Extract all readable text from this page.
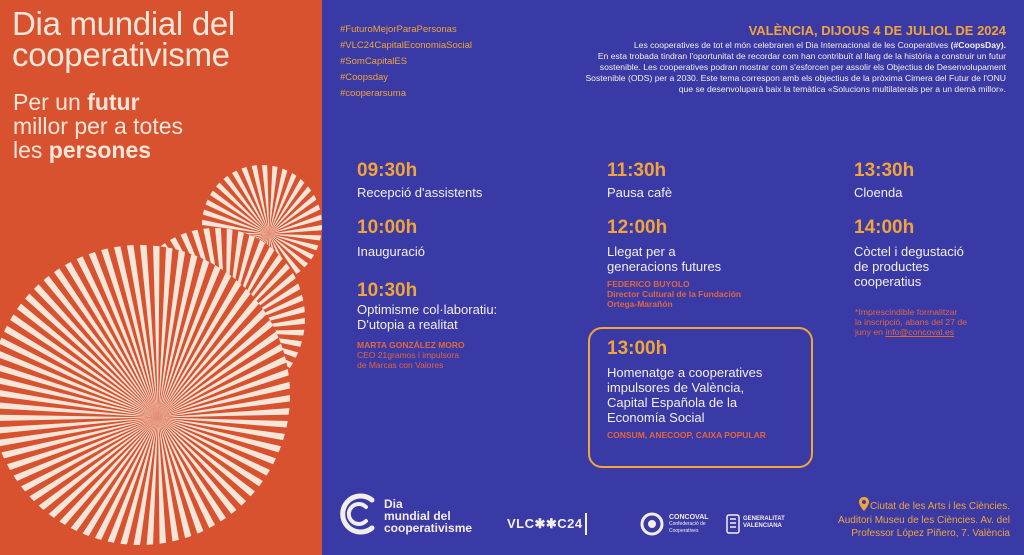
Dia mundial del
cooperativisme
Per un futur
millor per a totes
les persones
#FuturoMejorParaPersonas
#VLC24CapitalEconomiaSocial
#SomCapitalES
#Coopsday
#cooperarsuma
VALÈNCIA, DIJOUS 4 DE JULIOL DE 2024
Les cooperatives de tot el món celebraren el Dia Internacional de les Cooperatives (#CoopsDay).
En esta trobada tindran l'oportunitat de recordar com han contribuït al llarg de la història a construir un futur
sostenible. Les cooperatives podran mostrar com s'esforcen per assolir els Objectius de Desenvolupament
Sostenible (ODS) per a 2030. Este tema correspon amb els objectius de la pròxima Cimera del Futur de l'ONU
que se desenvoluparà baix la temàtica «Solucions multilaterals per a un demà millor».
09:30h
Recepció d'assistents
10:00h
Inauguració
10:30h
Optimisme col·laboratiu:
D'utopia a realitat
MARTA GONZÁLEZ MORO
CEO 21gramos i impulsora
de Marcas con Valores
11:30h
Pausa cafè
12:00h
Llegat per a
generacions futures
FEDERICO BUYOLO
Director Cultural de la Fundación
Ortega-Marañón
13:00h
Homenatge a cooperatives
impulsores de València,
Capital Española de la
Economía Social
CONSUM, ANECOOP, CAIXA POPULAR
13:30h
Cloenda
14:00h
Còctel i degustació
de productes
cooperatius
*Imprescindible formalitzar
la inscripció, abans del 27 de
juny en info@concoval.es
Dia
mundial del
cooperativisme	VLC✱✱C24	CONCOVAL
Confederació de Cooperatives
GENERALITAT VALENCIANA
Ciutat de les Arts i les Ciències.
Auditori Museu de les Ciències. Av. del
Professor López Piñero, 7. València
